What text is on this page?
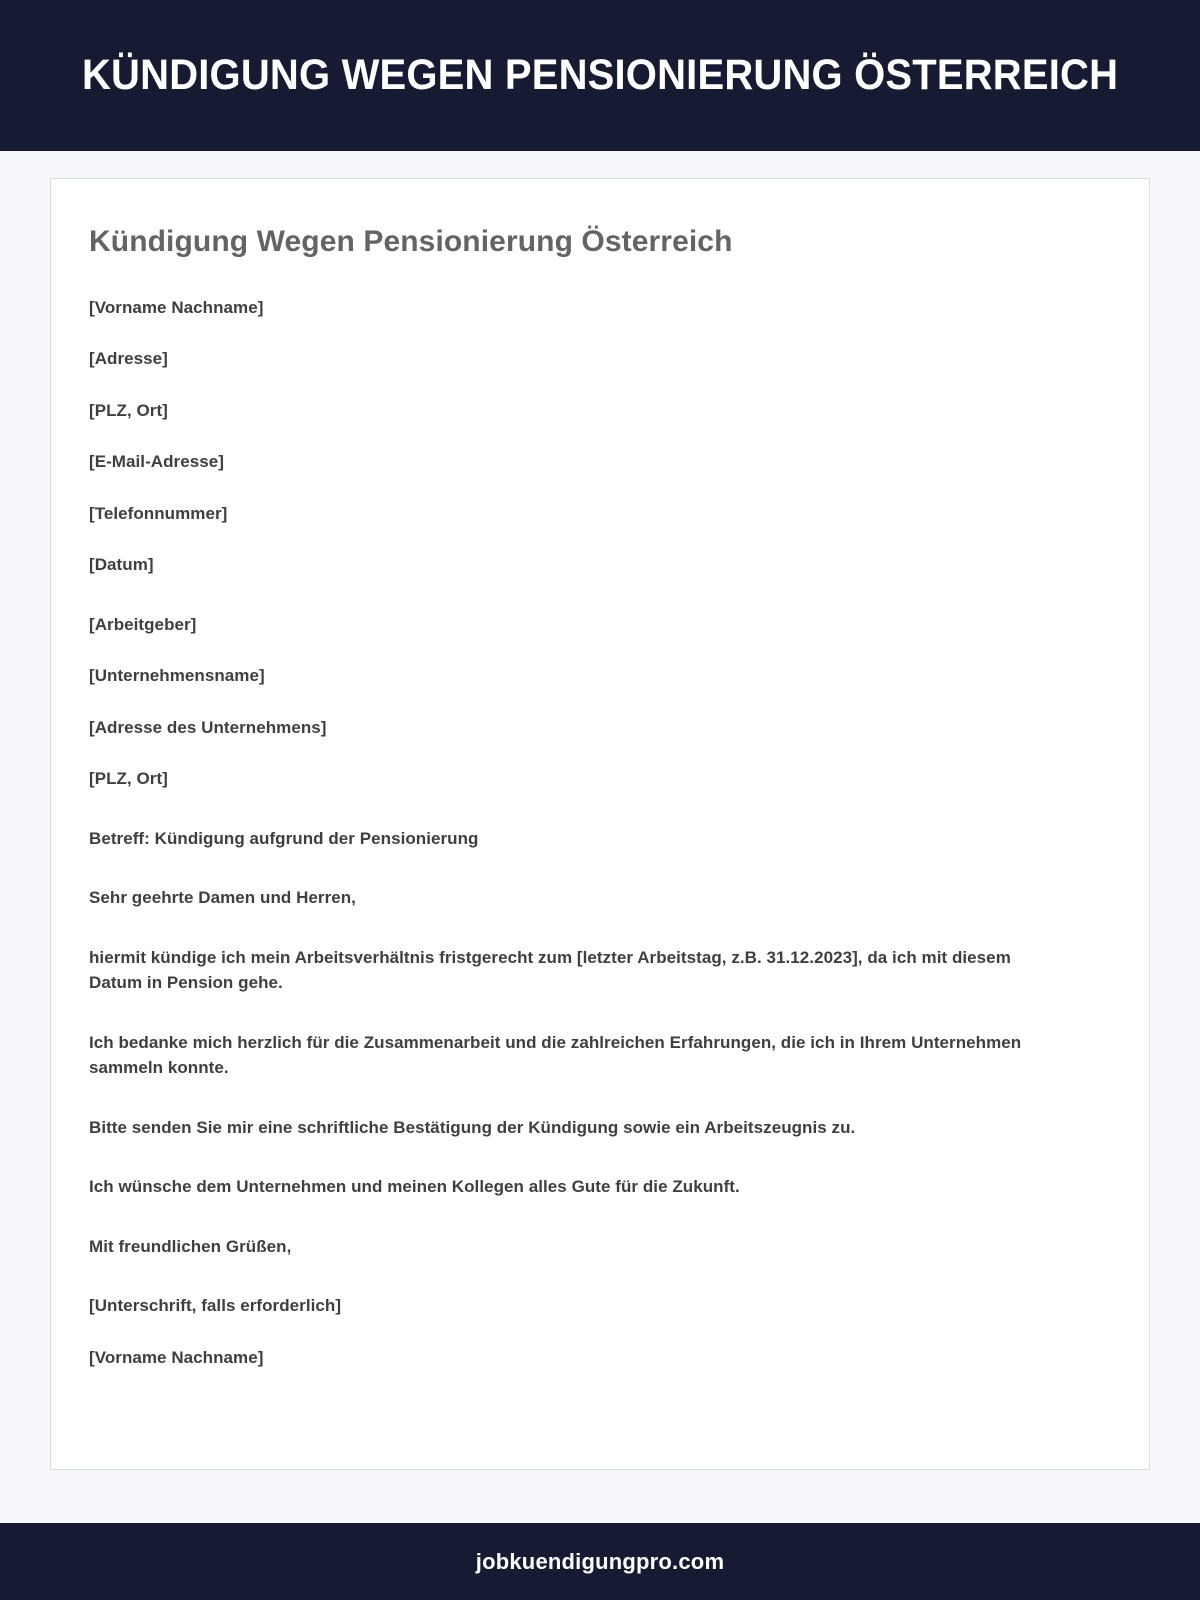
KÜNDIGUNG WEGEN PENSIONIERUNG ÖSTERREICH
Kündigung Wegen Pensionierung Österreich

[Vorname Nachname]

[Adresse]

[PLZ, Ort]

[E-Mail-Adresse]

[Telefonnummer]

[Datum]

[Arbeitgeber]

[Unternehmensname]

[Adresse des Unternehmens]

[PLZ, Ort]

Betreff: Kündigung aufgrund der Pensionierung

Sehr geehrte Damen und Herren,

hiermit kündige ich mein Arbeitsverhältnis fristgerecht zum [letzter Arbeitstag, z.B. 31.12.2023], da ich mit diesem Datum in Pension gehe.

Ich bedanke mich herzlich für die Zusammenarbeit und die zahlreichen Erfahrungen, die ich in Ihrem Unternehmen sammeln konnte.

Bitte senden Sie mir eine schriftliche Bestätigung der Kündigung sowie ein Arbeitszeugnis zu.

Ich wünsche dem Unternehmen und meinen Kollegen alles Gute für die Zukunft.

Mit freundlichen Grüßen,

[Unterschrift, falls erforderlich]

[Vorname Nachname]

jobkuendigungpro.com
